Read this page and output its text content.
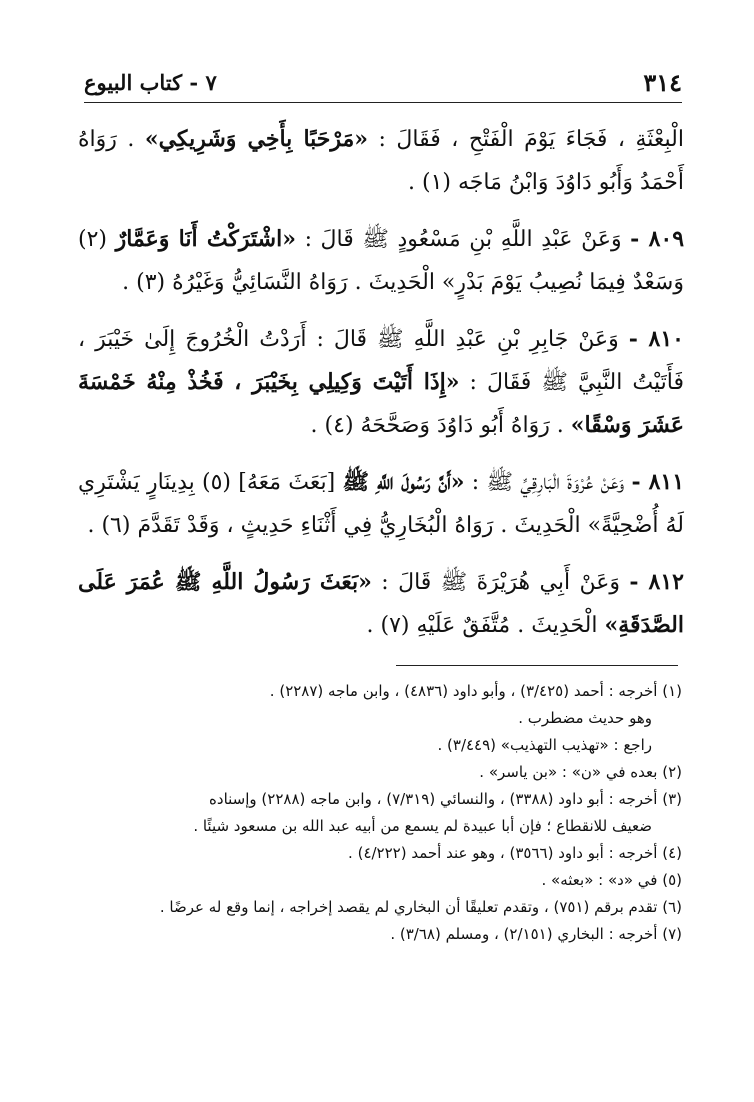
٣١٤
٧ - كتاب البيوع

الْبِعْثَةِ ، فَجَاءَ يَوْمَ الْفَتْحِ ، فَقَالَ : «مَرْحَبًا بِأَخِي وَشَرِيكِي» . رَوَاهُ أَحْمَدُ وَأَبُو دَاوُدَ وَابْنُ مَاجَه (١) .

٨٠٩ - وَعَنْ عَبْدِ اللَّهِ بْنِ مَسْعُودٍ ﷺ قَالَ : «اشْتَرَكْتُ أَنَا وَعَمَّارٌ (٢) وَسَعْدٌ فِيمَا نُصِيبُ يَوْمَ بَدْرٍ» الْحَدِيثَ . رَوَاهُ النَّسَائِيُّ وَغَيْرُهُ (٣) .

٨١٠ - وَعَنْ جَابِرِ بْنِ عَبْدِ اللَّهِ ﷺ قَالَ : أَرَدْتُ الْخُرُوجَ إِلَىٰ خَيْبَرَ ، فَأَتَيْتُ النَّبِيَّ ﷺ فَقَالَ : «إِذَا أَتَيْتَ وَكِيلِي بِخَيْبَرَ ، فَخُذْ مِنْهُ خَمْسَةَ عَشَرَ وَسْقًا» . رَوَاهُ أَبُو دَاوُدَ وَصَحَّحَهُ (٤) .

٨١١ - وَعَنْ عُرْوَةَ الْبَارِقِيِّ ﷺ : «أَنَّ رَسُولَ اللَّهِ ﷺ [بَعَثَ مَعَهُ] (٥) بِدِينَارٍ يَشْتَرِي لَهُ أُضْحِيَّةً» الْحَدِيثَ . رَوَاهُ الْبُخَارِيُّ فِي أَثْنَاءِ حَدِيثٍ ، وَقَدْ تَقَدَّمَ (٦) .

٨١٢ - وَعَنْ أَبِي هُرَيْرَةَ ﷺ قَالَ : «بَعَثَ رَسُولُ اللَّهِ ﷺ عُمَرَ عَلَى الصَّدَقَةِ» الْحَدِيثَ . مُتَّفَقٌ عَلَيْهِ (٧) .

(١) أخرجه : أحمد (٣/٤٢٥) ، وأبو داود (٤٨٣٦) ، وابن ماجه (٢٢٨٧) .

وهو حديث مضطرب .

راجع : «تهذيب التهذيب» (٣/٤٤٩) .

(٢) بعده في «ن» : «بن ياسر» .

(٣) أخرجه : أبو داود (٣٣٨٨) ، والنسائي (٧/٣١٩) ، وابن ماجه (٢٢٨٨) وإسناده

ضعيف للانقطاع ؛ فإن أبا عبيدة لم يسمع من أبيه عبد الله بن مسعود شيئًا .

(٤) أخرجه : أبو داود (٣٥٦٦) ، وهو عند أحمد (٤/٢٢٢) .

(٥) في «د» : «بعثه» .

(٦) تقدم برقم (٧٥١) ، وتقدم تعليقًا أن البخاري لم يقصد إخراجه ، إنما وقع له عرضًا .

(٧) أخرجه : البخاري (٢/١٥١) ، ومسلم (٣/٦٨) .
